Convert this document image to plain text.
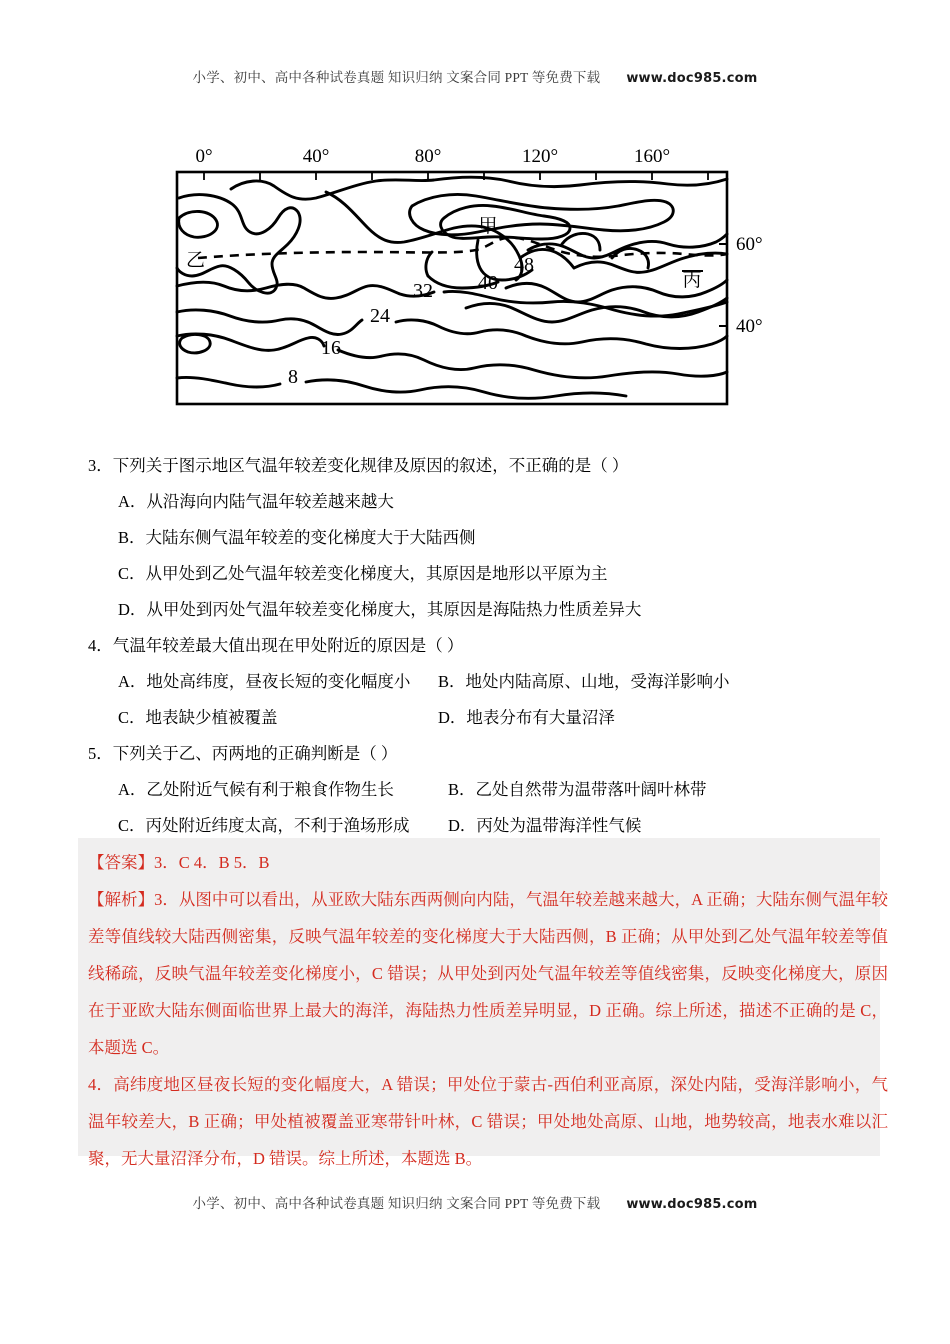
小学、初中、高中各种试卷真题 知识归纳 文案合同 PPT 等免费下载 www.doc985.com
0°	40°	80°	120°	160°
60°
40°
甲
乙
丙
48
40
32
24
16
8
3．下列关于图示地区气温年较差变化规律及原因的叙述，不正确的是（ ）
A．从沿海向内陆气温年较差越来越大
B．大陆东侧气温年较差的变化梯度大于大陆西侧
C．从甲处到乙处气温年较差变化梯度大，其原因是地形以平原为主
D．从甲处到丙处气温年较差变化梯度大，其原因是海陆热力性质差异大
4．气温年较差最大值出现在甲处附近的原因是（ ）
A．地处高纬度，昼夜长短的变化幅度小 B．地处内陆高原、山地，受海洋影响小
C．地表缺少植被覆盖	D．地表分布有大量沼泽
5．下列关于乙、丙两地的正确判断是（ ）
A．乙处附近气候有利于粮食作物生长	B．乙处自然带为温带落叶阔叶林带
C．丙处附近纬度太高，不利于渔场形成 D．丙处为温带海洋性气候
【答案】3．C 4．B 5．B
【解析】3．从图中可以看出，从亚欧大陆东西两侧向内陆，气温年较差越来越大，A 正确；大陆东侧气温年较差等值线较大陆西侧密集，反映气温年较差的变化梯度大于大陆西侧，B 正确；从甲处到乙处气温年较差等值线稀疏，反映气温年较差变化梯度小，C 错误；从甲处到丙处气温年较差等值线密集，反映变化梯度大，原因在于亚欧大陆东侧面临世界上最大的海洋，海陆热力性质差异明显，D 正确。综上所述，描述不正确的是 C，本题选 C。
4．高纬度地区昼夜长短的变化幅度大，A 错误；甲处位于蒙古-西伯利亚高原，深处内陆，受海洋影响小，气温年较差大，B 正确；甲处植被覆盖亚寒带针叶林，C 错误；甲处地处高原、山地，地势较高，地表水难以汇聚，无大量沼泽分布，D 错误。综上所述，本题选 B。
小学、初中、高中各种试卷真题 知识归纳 文案合同 PPT 等免费下载 www.doc985.com
